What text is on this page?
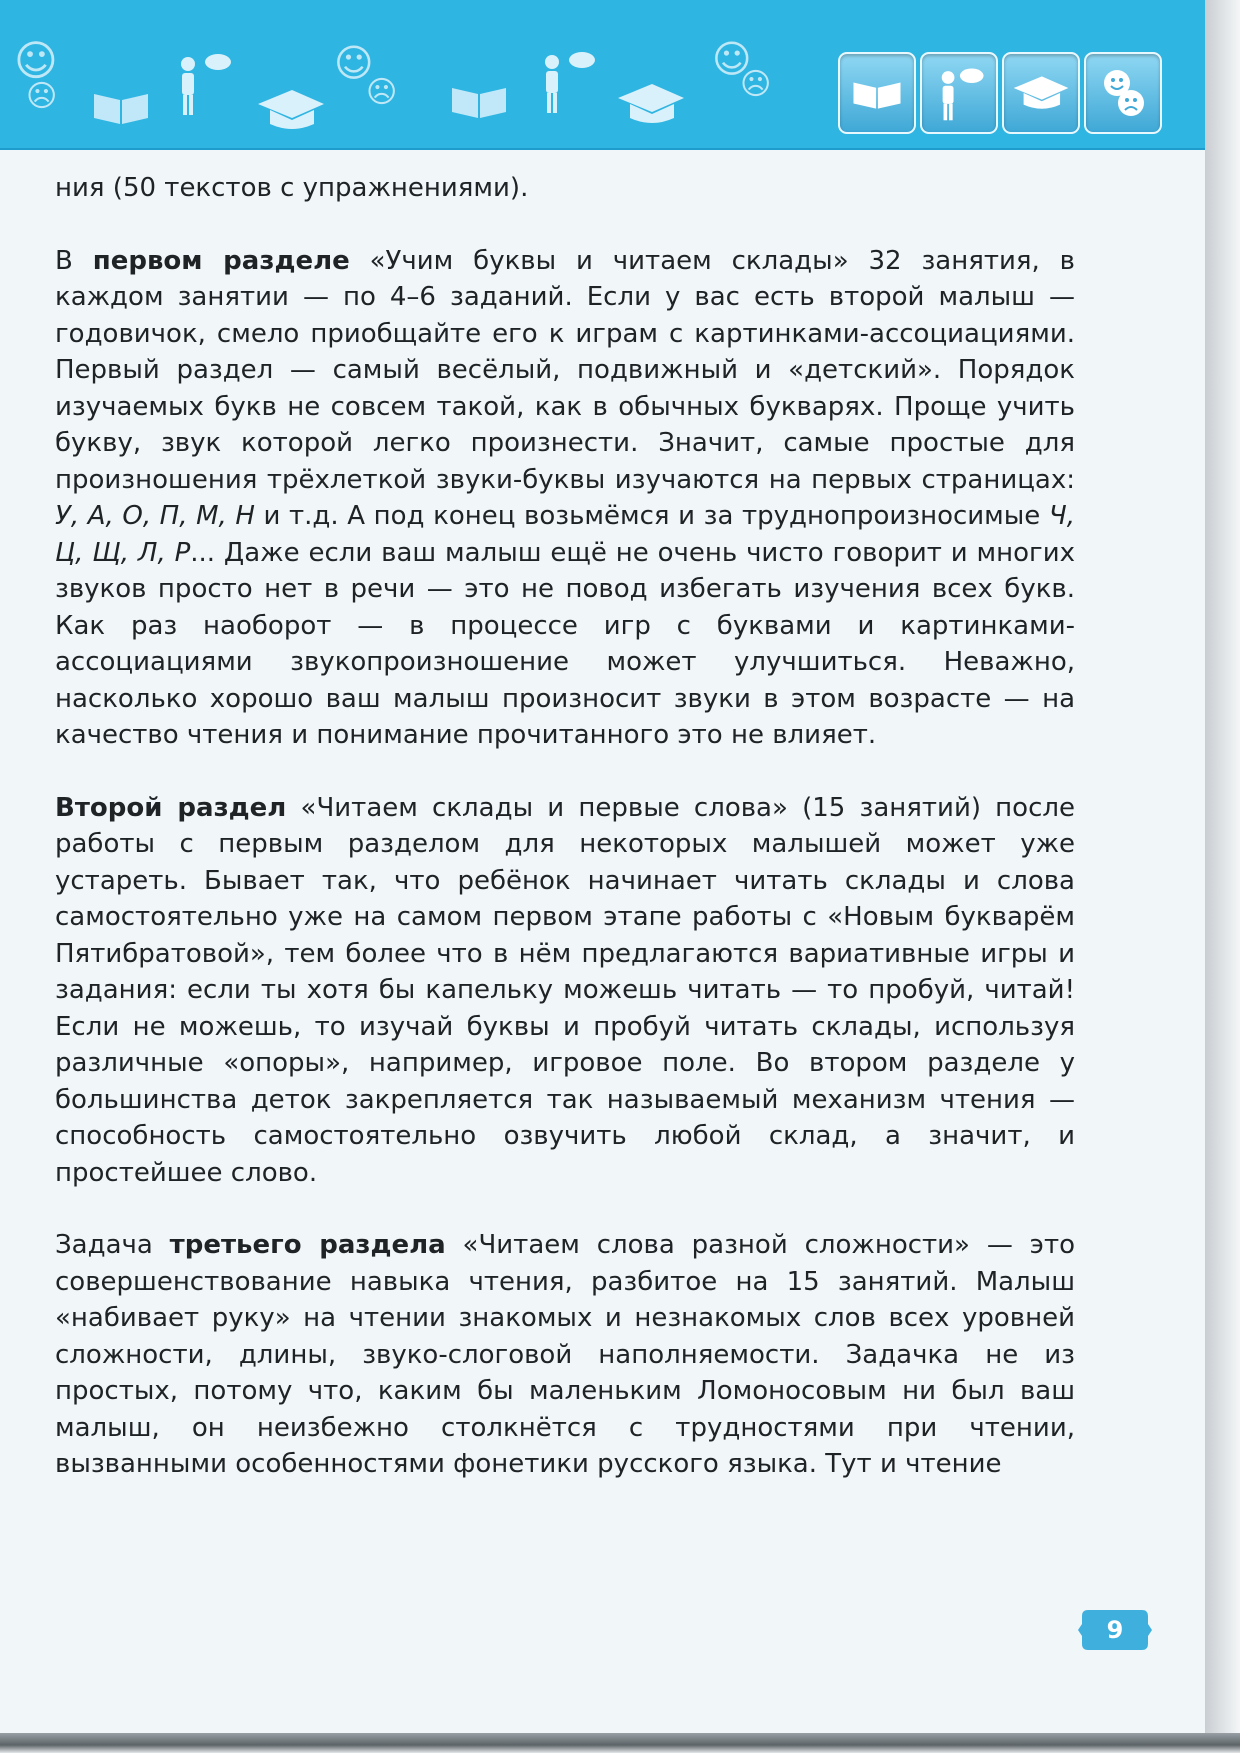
☺
☹
☺
☹
☺
☹

ния (50 текстов с упражнениями).

В первом разделе «Учим буквы и читаем склады» 32 занятия, в каждом занятии — по 4–6 заданий. Если у вас есть второй малыш — годовичок, смело приобщайте его к играм с картинками-ассоциациями. Первый раздел — самый весёлый, подвижный и «детский». Порядок изучаемых букв не совсем такой, как в обычных букварях. Проще учить букву, звук которой легко произнести. Значит, самые простые для произношения трёхлеткой звуки-буквы изучаются на первых страницах: У, А, О, П, М, Н и т.д. А под конец возьмёмся и за труднопроизносимые Ч, Ц, Щ, Л, Р... Даже если ваш малыш ещё не очень чисто говорит и многих звуков просто нет в речи — это не повод избегать изучения всех букв. Как раз наоборот — в процессе игр с буквами и картинками-ассоциациями звукопроизношение может улучшиться. Неважно, насколько хорошо ваш малыш произносит звуки в этом возрасте — на качество чтения и понимание прочитанного это не влияет.

Второй раздел «Читаем склады и первые слова» (15 занятий) после работы с первым разделом для некоторых малышей может уже устареть. Бывает так, что ребёнок начинает читать склады и слова самостоятельно уже на самом первом этапе работы с «Новым букварём Пятибратовой», тем более что в нём предлагаются вариативные игры и задания: если ты хотя бы капельку можешь читать — то пробуй, читай! Если не можешь, то изучай буквы и пробуй читать склады, используя различные «опоры», например, игровое поле. Во втором разделе у большинства деток закрепляется так называемый механизм чтения — способность самостоятельно озвучить любой склад, а значит, и простейшее слово.

Задача третьего раздела «Читаем слова разной сложности» — это совершенствование навыка чтения, разбитое на 15 занятий. Малыш «набивает руку» на чтении знакомых и незнакомых слов всех уровней сложности, длины, звуко-слоговой наполняемости. Задачка не из простых, потому что, каким бы маленьким Ломоносовым ни был ваш малыш, он неизбежно столкнётся с трудностями при чтении, вызванными особенностями фонетики русского языка. Тут и чтение

9
